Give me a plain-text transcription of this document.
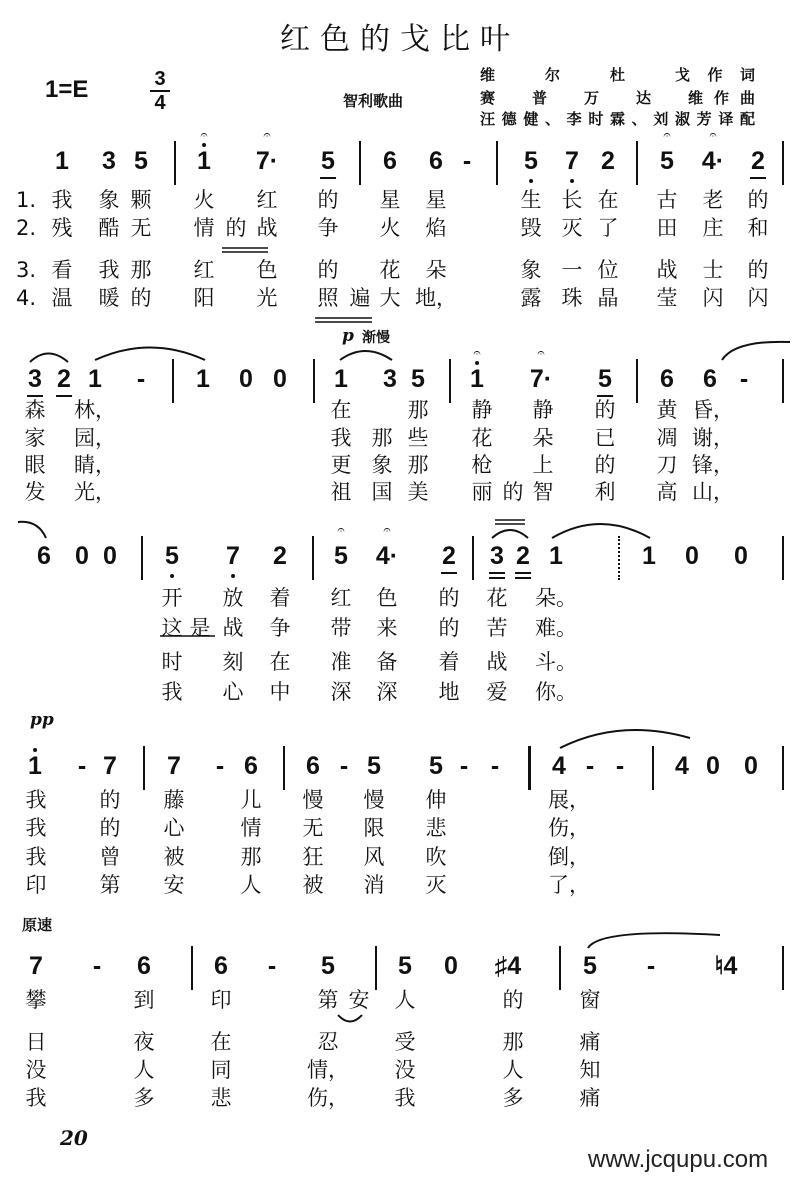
红色的戈比叶
1=E	$\frac{3}{4}$	智利歌曲
维　尔　杜　戈作词
赛　普　万　达　维作曲
汪德健、李时霖、刘淑芳译配
p 渐慢
pp
原速
1 3 5 1
𝄐
7·
𝄐
5 6 6 - 5 7 2 5
𝄐
4·
𝄐
2
1. 我 象 颗 火 红 的 星 星	生 长 在 古 老 的
2. 残 酷 无 情 的 战 争 火 焰	毁 灭 了 田 庄 和
3. 看 我 那 红 色 的 花 朵	象 一 位 战 士 的
4. 温 暖 的 阳 光 照 遍 大 地，	露 珠 晶 莹 闪 闪
3 2 1 - 1 0 0 1 3 5 1
𝄐
7·
𝄐
5 6 6 -
森 林，	在	那 静 静 的 黄 昏，
家 园，	我 那 些 花 朵 已 凋 谢，
眼 睛，	更 象 那 枪 上 的 刀 锋，
发 光，	祖 国 美 丽 的 智 利 高 山，
6 0 0 5 7 2 5
𝄐
4·
𝄐
2 3 2 1	1 0 0
开 放 着 红 色 的 花 朵。
这 是 战 争 带 来 的 苦 难。
时 刻 在 准 备 着 战 斗。
我 心 中 深 深 地 爱 你。
1 - 7 7 - 6 6 - 5 5 - - 4 - - 4 0 0
我	的 藤	儿 慢 慢 伸	展，
我	的 心	情 无 限 悲	伤，
我	曾 被	那 狂 风 吹	倒，
印	第 安	人 被 消 灭	了，
7 - 6	6 - 5	5 0 ♯4 5 - ♮4
攀	到	印	第 安 人	的	窗
日	夜	在	忍	受	那	痛
没	人	同	情， 没	人	知
我	多	悲	伤， 我	多	痛
20
www.jcqupu.com
